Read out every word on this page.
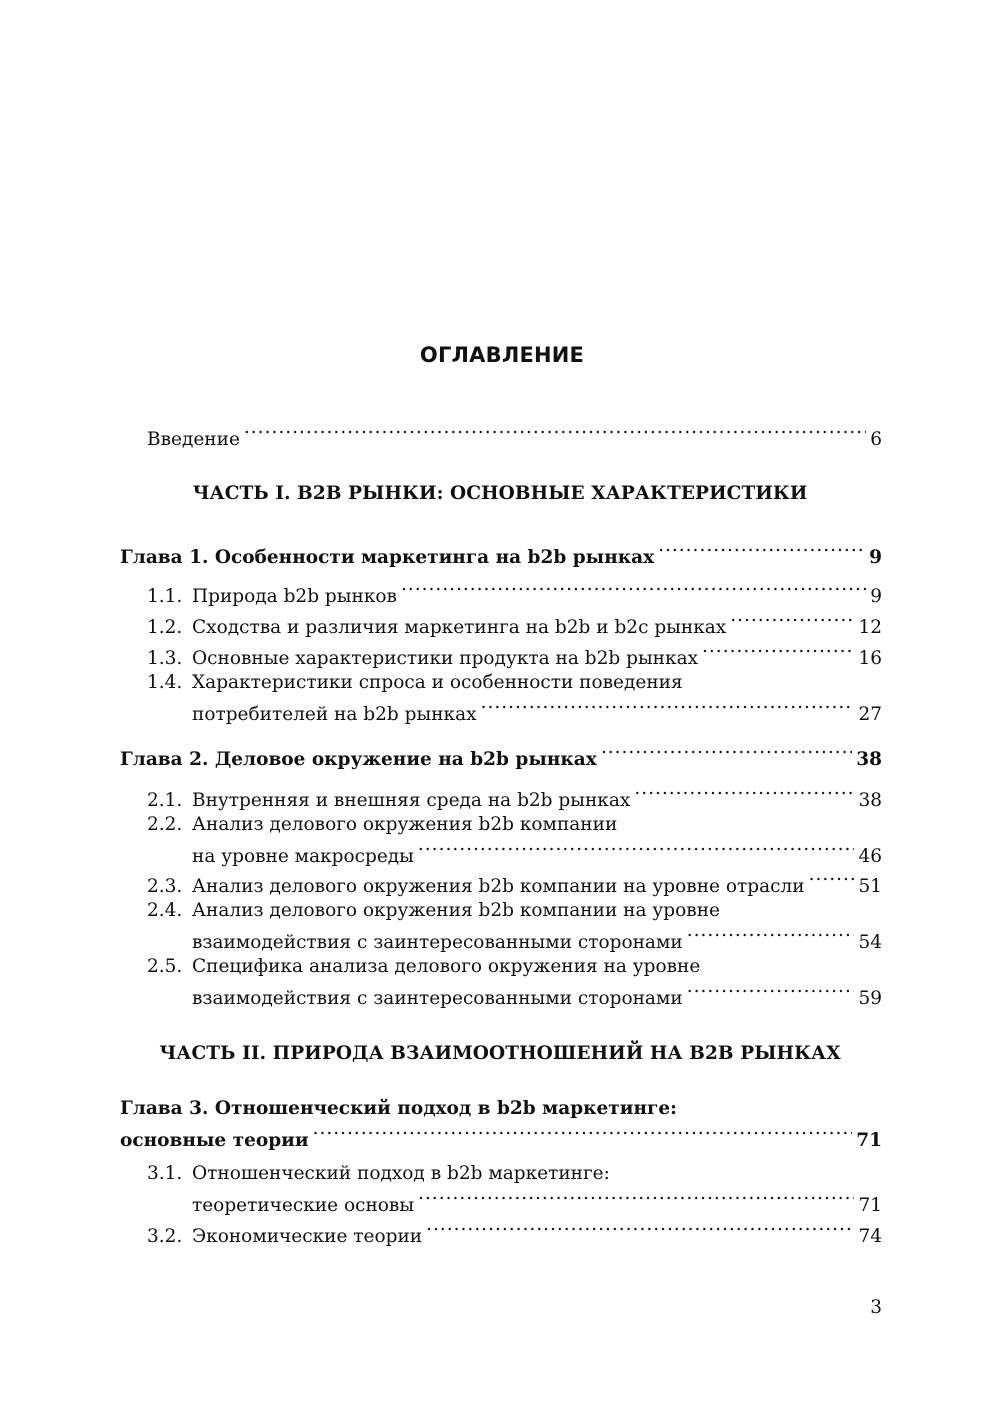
ОГЛАВЛЕНИЕ
Введение .....	6
ЧАСТЬ I. B2B РЫНКИ: ОСНОВНЫЕ ХАРАКТЕРИСТИКИ
Глава 1. Особенности маркетинга на b2b рынках .....	9
1.1. Природа b2b рынков .....	9
1.2. Сходства и различия маркетинга на b2b и b2c рынках .....	12
1.3. Основные характеристики продукта на b2b рынках .....	16
1.4. Характеристики спроса и особенности поведения
потребителей на b2b рынках .....	27
Глава 2. Деловое окружение на b2b рынках .....	38
2.1. Внутренняя и внешняя среда на b2b рынках .....	38
2.2. Анализ делового окружения b2b компании
на уровне макросреды .....	46
2.3. Анализ делового окружения b2b компании на уровне отрасли .....	51
2.4. Анализ делового окружения b2b компании на уровне
взаимодействия с заинтересованными сторонами .....	54
2.5. Специфика анализа делового окружения на уровне
взаимодействия с заинтересованными сторонами .....	59
ЧАСТЬ II. ПРИРОДА ВЗАИМООТНОШЕНИЙ НА B2B РЫНКАХ
Глава 3. Отношенческий подход в b2b маркетинге:
основные теории .....	71
3.1. Отношенческий подход в b2b маркетинге:
теоретические основы .....	71
3.2. Экономические теории .....	74
3
